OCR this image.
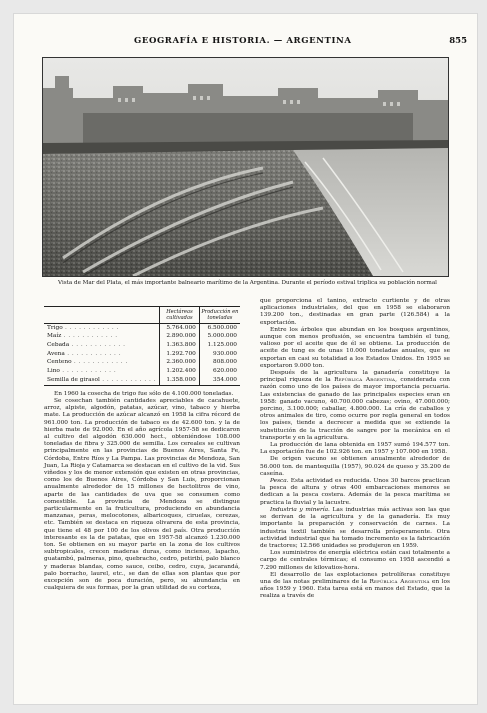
GEOGRAFÍA E HISTORIA. — ARGENTINA	855
Vista de Mar del Plata, el más importante balneario marítimo de la Argentina. Durante el período estival triplica su población normal
	Hectáreas cultivadas	Producción en toneladas
Trigo . . .	5.764.000	6.500.000
Maíz . . .	2.890.000	5.000.000
Cebada . . .	1.363.800	1.125.000
Avena . . .	1.292.700	930.000
Centeno . . .	2.360.000	808.000
Lino . . .	1.202.400	620.000
Semilla de girasol . . .	1.358.000	354.000

En 1960 la cosecha de trigo fue sólo de 4.100.000 toneladas.

Se cosechan también cantidades apreciables de cacahuete, arroz, alpiste, algodón, patatas, azúcar, vino, tabaco y hierba mate. La producción de azúcar alcanzó en 1958 la cifra récord de 961.000 ton. La producción de tabaco es de 42.600 ton. y la de hierba mate de 92.000. En el año agrícola 1957-58 se dedicaron al cultivo del algodón 630.000 hect., obteniéndose 108.000 toneladas de fibra y 325.000 de semilla. Los cereales se cultivan principalmente en las provincias de Buenos Aires, Santa Fe, Córdoba, Entre Ríos y La Pampa. Las provincias de Mendoza, San Juan, La Rioja y Catamarca se destacan en el cultivo de la vid. Sus viñedos y los de menor extensión que existen en otras provincias, como los de Buenos Aires, Córdoba y San Luis, proporcionan anualmente alrededor de 15 millones de hectolitros de vino, aparte de las cantidades de uva que se consumen como comestible. La provincia de Mendoza se distingue particularmente en la fruticultura, produciendo en abundancia manzanas, peras, melocotones, albaricoques, ciruelas, cerezas, etc. También se destaca en riqueza olivarera de esta provincia, que tiene el 48 por 100 de los olivos del país. Otra producción interesante es la de patatas, que en 1957-58 alcanzó 1.230.000 ton. Se obtienen en su mayor parte en la zona de los cultivos subtropicales, crecen maderas duras, como incienso, lapacho, guatambú, palmeras, pino, quebracho, cedro, petiribí, palo blanco y maderas blandas, como sauce, ceibo, cedro, cuya, jacarandá, palo borracho, laurel, etc., se dan de ellas son plantas que por excepción son de poca duración, pero, su abundancia en cualquiera de sus formas, por la gran utilidad de su corteza,

que proporciona el tanino, extracto curtiente y de otras aplicaciones industriales, del que en 1958 se elaboraron 139.200 ton., destinadas en gran parte (126.584) a la exportación.

Entre los árboles que abundan en los bosques argentinos, aunque con menos profusión, se encuentra también el tung, valioso por el aceite que de él se obtiene. La producción de aceite de tung es de unas 10.000 toneladas anuales, que se exportan en casi su totalidad a los Estados Unidos. En 1955 se exportaron 9.000 ton.

Después de la agricultura la ganadería constituye la principal riqueza de la República Argentina, considerada con razón como uno de los países de mayor importancia pecuaria. Las existencias de ganado de las principales especies eran en 1958: ganado vacuno, 40.700.000 cabezas; ovino, 47.000.000; porcino, 3.100.000; caballar, 4.800.000. La cría de caballos y otros animales de tiro, como ocurre por regla general en todos los países, tiende a decrecer a medida que se extiende la substitución de la tracción de sangre por la mecánica en el transporte y en la agricultura.

La producción de lana obtenida en 1957 sumó 194.577 ton. La exportación fue de 102.926 ton. en 1957 y 107.000 en 1958.

De origen vacuno se obtienen anualmente alrededor de 56.000 ton. de mantequilla (1957), 90.024 de queso y 35.200 de caseína.

Pesca. Esta actividad es reducida. Unos 30 barcos practican la pesca de altura y otras 400 embarcaciones menores se dedican a la pesca costera. Además de la pesca marítima se practica la fluvial y la lacustre.

Industria y minería. Las industrias más activas son las que se derivan de la agricultura y de la ganadería. Es muy importante la preparación y conservación de carnes. La industria textil también se desarrolla prósperamente. Otra actividad industrial que ha tomado incremento es la fabricación de tractores; 12.566 unidades se produjeron en 1959.

Los suministros de energía eléctrica están casi totalmente a cargo de centrales térmicas; el consumo en 1958 ascendió a 7.290 millones de kilovatios-hora.

El desarrollo de las explotaciones petrolíferas constituye una de las notas preliminares de la República Argentina en los años 1959 y 1960. Esta tarea está en manos del Estado, que la realiza a través de
